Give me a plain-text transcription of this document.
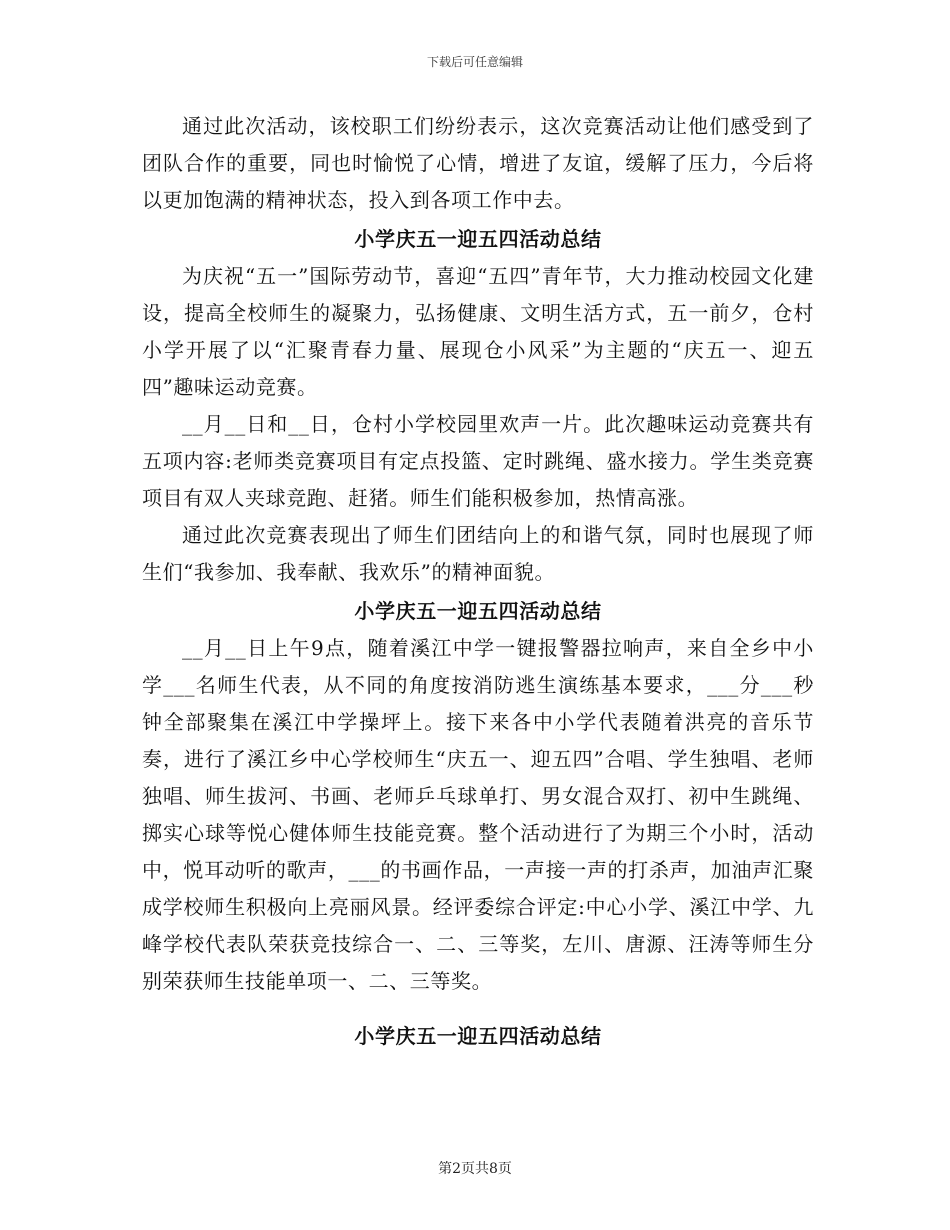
下载后可任意编辑

通过此次活动，该校职工们纷纷表示，这次竞赛活动让他们感受到了团队合作的重要，同也时愉悦了心情，增进了友谊，缓解了压力，今后将以更加饱满的精神状态，投入到各项工作中去。

小学庆五一迎五四活动总结

为庆祝“五一”国际劳动节，喜迎“五四”青年节，大力推动校园文化建设，提高全校师生的凝聚力，弘扬健康、文明生活方式，五一前夕，仓村小学开展了以“汇聚青春力量、展现仓小风采”为主题的“庆五一、迎五四”趣味运动竞赛。

__月__日和__日，仓村小学校园里欢声一片。此次趣味运动竞赛共有五项内容:老师类竞赛项目有定点投篮、定时跳绳、盛水接力。学生类竞赛项目有双人夹球竞跑、赶猪。师生们能积极参加，热情高涨。

通过此次竞赛表现出了师生们团结向上的和谐气氛，同时也展现了师生们“我参加、我奉献、我欢乐”的精神面貌。

小学庆五一迎五四活动总结

__月__日上午9点，随着溪江中学一键报警器拉响声，来自全乡中小学___名师生代表，从不同的角度按消防逃生演练基本要求，___分___秒钟全部聚集在溪江中学操坪上。接下来各中小学代表随着洪亮的音乐节奏，进行了溪江乡中心学校师生“庆五一、迎五四”合唱、学生独唱、老师独唱、师生拔河、书画、老师乒乓球单打、男女混合双打、初中生跳绳、掷实心球等悦心健体师生技能竞赛。整个活动进行了为期三个小时，活动中，悦耳动听的歌声，___的书画作品，一声接一声的打杀声，加油声汇聚成学校师生积极向上亮丽风景。经评委综合评定:中心小学、溪江中学、九峰学校代表队荣获竞技综合一、二、三等奖，左川、唐源、汪涛等师生分别荣获师生技能单项一、二、三等奖。

小学庆五一迎五四活动总结
第2页共8页
